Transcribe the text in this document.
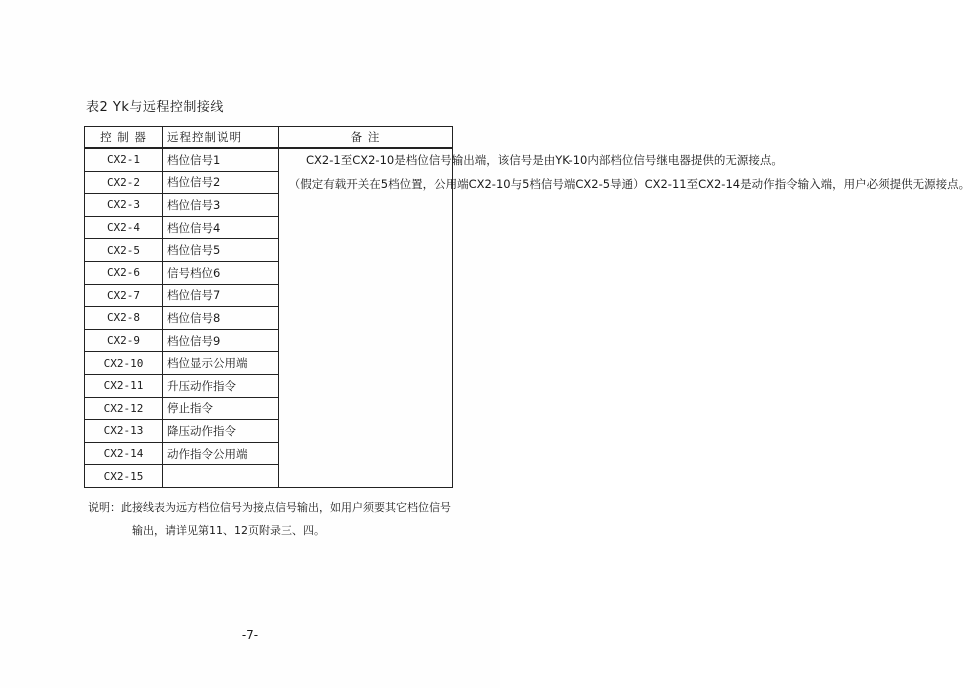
表2 Yk与远程控制接线
控 制 器	远程控制说明	备 注
CX2-1	档位信号1	CX2-1至CX2-10是档位信号输出端，该信号是由YK-10内部档位信号继电器提供的无源接点。

（假定有载开关在5档位置，公用端CX2-10与5档信号端CX2-5导通）CX2-11至CX2-14是动作指令输入端，用户必须提供无源接点。

CX2-2	档位信号2	
CX2-3	档位信号3	
CX2-4	档位信号4	
CX2-5	档位信号5	
CX2-6	信号档位6	
CX2-7	档位信号7	
CX2-8	档位信号8	
CX2-9	档位信号9	
CX2-10	档位显示公用端	
CX2-11	升压动作指令	
CX2-12	停止指令	
CX2-13	降压动作指令	
CX2-14	动作指令公用端	
CX2-15		
说明：此接线表为远方档位信号为接点信号输出，如用户须要其它档位信号
输出，请详见第11、12页附录三、四。
-7-
